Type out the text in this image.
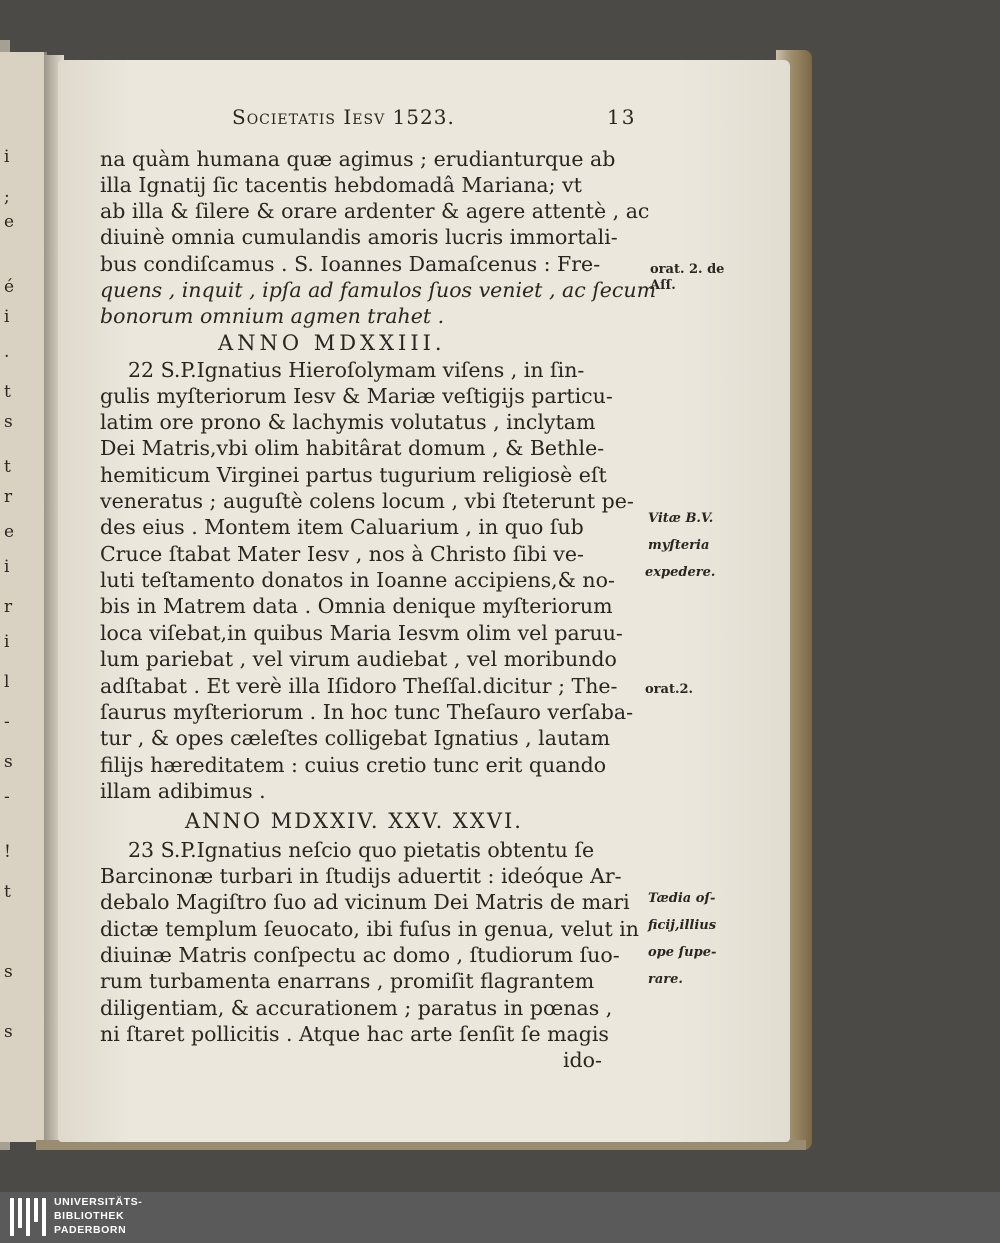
i
;
e
é
i
.
t
s
t
r
e
i
r
i
l
-
s
-
!
t
s
s
Societatis Iesv 1523.	13
na quàm humana quæ agimus ; erudianturque ab
illa Ignatij ſic tacentis hebdomadâ Mariana; vt
ab illa & ſilere & orare ardenter & agere attentè , ac
diuinè omnia cumulandis amoris lucris immortali-
bus condiſcamus . S. Ioannes Damaſcenus : Fre-
quens , inquit , ipſa ad famulos ſuos veniet , ac ſecum
bonorum omnium agmen trahet .
ANNO MDXXIII.
22 S.P.Ignatius Hieroſolymam viſens , in ſin-
gulis myſteriorum Iesv & Mariæ veſtigijs particu-
latim ore prono & lachymis volutatus , inclytam
Dei Matris,vbi olim habitârat domum , & Bethle-
hemiticum Virginei partus tugurium religiosè eſt
veneratus ; auguſtè colens locum , vbi ſteterunt pe-
des eius . Montem item Caluarium , in quo ſub
Cruce ſtabat Mater Iesv , nos à Christo ſibi ve-
luti teſtamento donatos in Ioanne accipiens,& no-
bis in Matrem data . Omnia denique myſteriorum
loca viſebat,in quibus Maria Iesvm olim vel paruu-
lum pariebat , vel virum audiebat , vel moribundo
adſtabat . Et verè illa Iſidoro Theſſal.dicitur ; The-
ſaurus myſteriorum . In hoc tunc Theſauro verſaba-
tur , & opes cæleſtes colligebat Ignatius , lautam
filijs hæreditatem : cuius cretio tunc erit quando
illam adibimus .
ANNO MDXXIV. XXV. XXVI.
23 S.P.Ignatius neſcio quo pietatis obtentu ſe
Barcinonæ turbari in ſtudijs aduertit : ideóque Ar-
debalo Magiſtro ſuo ad vicinum Dei Matris de mari
dictæ templum ſeuocato, ibi fuſus in genua, velut in
diuinæ Matris conſpectu ac domo , ſtudiorum ſuo-
rum turbamenta enarrans , promiſit flagrantem
diligentiam, & accurationem ; paratus in pœnas ,
ni ſtaret pollicitis . Atque hac arte ſenſit ſe magis
ido-
orat. 2. de
Aſſ.
Vitæ B.V.
myſteria
expedere.
orat.2.
Tædia oſ-
ficij,illius
ope ſupe-
rare.
UNIVERSITÄTS-
BIBLIOTHEK
PADERBORN
